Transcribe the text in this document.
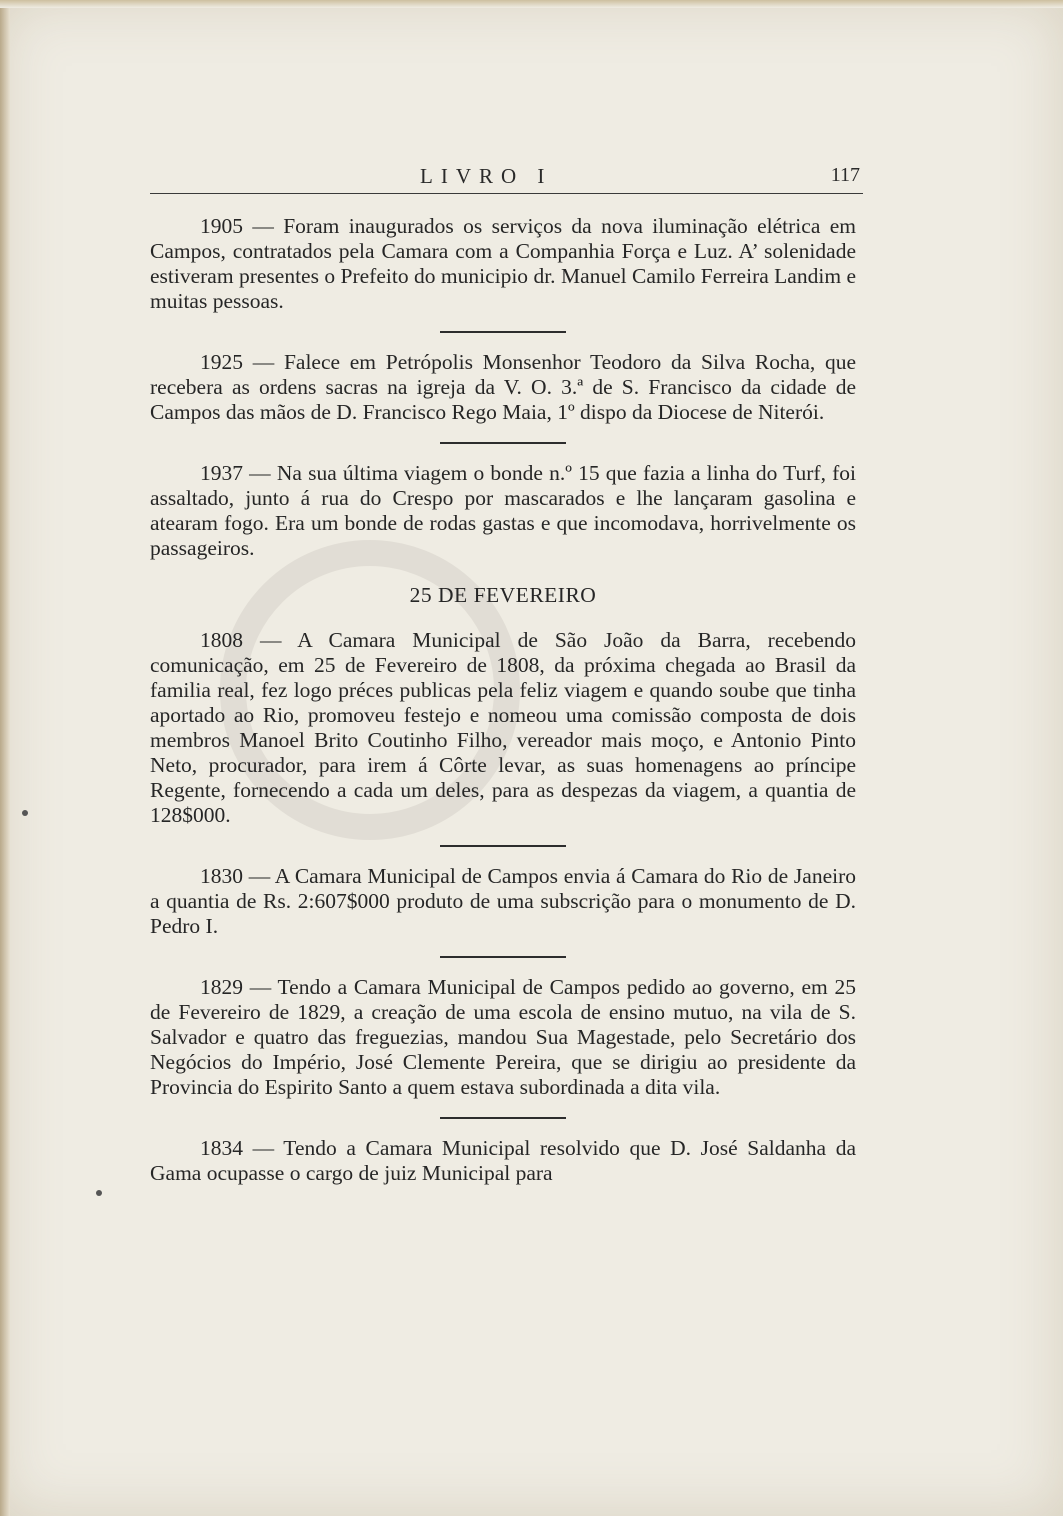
LIVRO I	117

1905 — Foram inaugurados os serviços da nova iluminação elétrica em Campos, contratados pela Camara com a Companhia Força e Luz. A’ solenidade estiveram presentes o Prefeito do municipio dr. Manuel Camilo Ferreira Landim e muitas pessoas.

1925 — Falece em Petrópolis Monsenhor Teodoro da Silva Rocha, que recebera as ordens sacras na igreja da V. O. 3.ª de S. Francisco da cidade de Campos das mãos de D. Francisco Rego Maia, 1º dispo da Diocese de Niterói.

1937 — Na sua última viagem o bonde n.º 15 que fazia a linha do Turf, foi assaltado, junto á rua do Crespo por mascarados e lhe lançaram gasolina e atearam fogo. Era um bonde de rodas gastas e que incomodava, horrivelmente os passageiros.

25 DE FEVEREIRO

1808 — A Camara Municipal de São João da Barra, recebendo comunicação, em 25 de Fevereiro de 1808, da próxima chegada ao Brasil da familia real, fez logo préces publicas pela feliz viagem e quando soube que tinha aportado ao Rio, promoveu festejo e nomeou uma comissão composta de dois membros Manoel Brito Coutinho Filho, vereador mais moço, e Antonio Pinto Neto, procurador, para irem á Côrte levar, as suas homenagens ao príncipe Regente, fornecendo a cada um deles, para as despezas da viagem, a quantia de 128$000.

1830 — A Camara Municipal de Campos envia á Camara do Rio de Janeiro a quantia de Rs. 2:607$000 produto de uma subscrição para o monumento de D. Pedro I.

1829 — Tendo a Camara Municipal de Campos pedido ao governo, em 25 de Fevereiro de 1829, a creação de uma escola de ensino mutuo, na vila de S. Salvador e quatro das freguezias, mandou Sua Magestade, pelo Secretário dos Negócios do Império, José Clemente Pereira, que se dirigiu ao presidente da Provincia do Espirito Santo a quem estava subordinada a dita vila.

1834 — Tendo a Camara Municipal resolvido que D. José Saldanha da Gama ocupasse o cargo de juiz Municipal para
